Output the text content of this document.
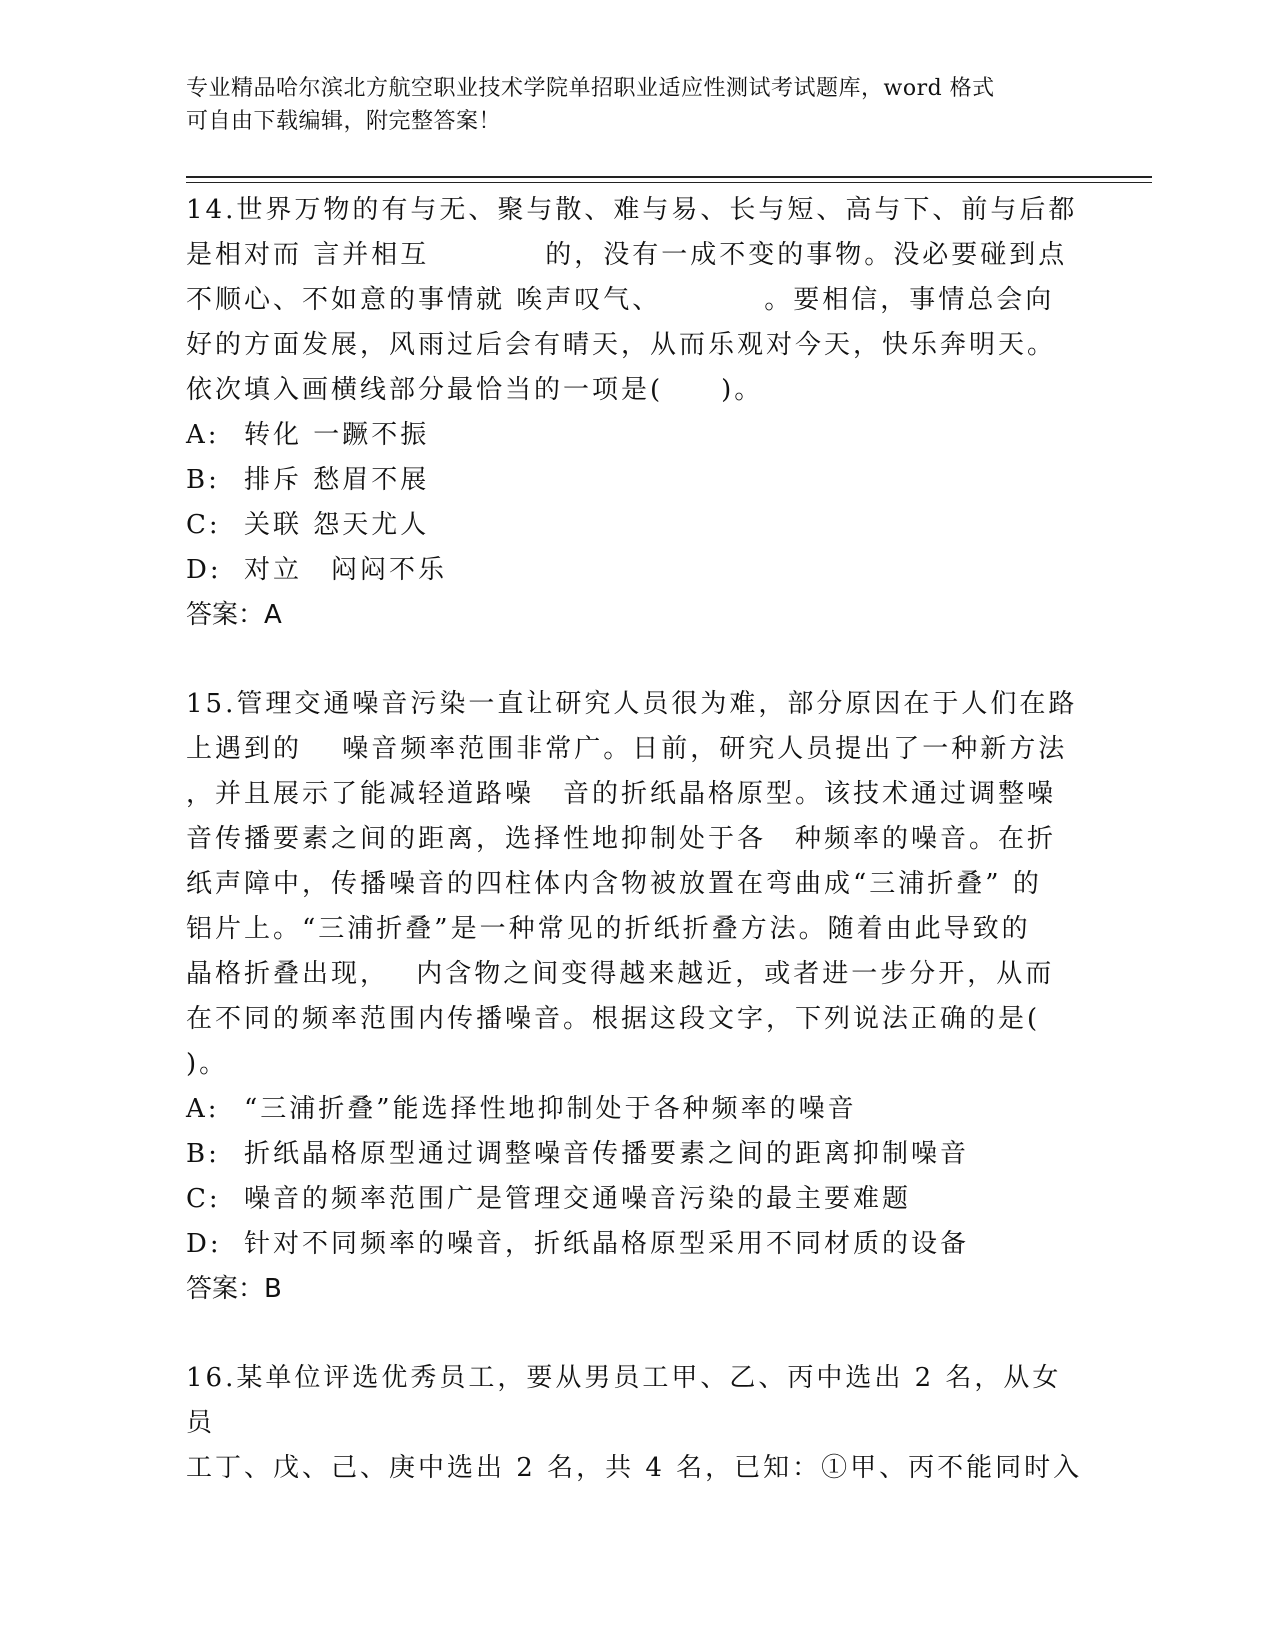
专业精品哈尔滨北方航空职业技术学院单招职业适应性测试考试题库，word 格式
可自由下载编辑，附完整答案！
14.世界万物的有与无、聚与散、难与易、长与短、高与下、前与后都
是相对而 言并相互　　　　的，没有一成不变的事物。没必要碰到点
不顺心、不如意的事情就 唉声叹气、　　　　。要相信，事情总会向
好的方面发展，风雨过后会有晴天，从而乐观对今天，快乐奔明天。
依次填入画横线部分最恰当的一项是(　　)。
A: 转化 一蹶不振
B: 排斥 愁眉不展
C: 关联 怨天尤人
D: 对立　闷闷不乐
答案：A
15.管理交通噪音污染一直让研究人员很为难，部分原因在于人们在路
上遇到的　 噪音频率范围非常广。日前，研究人员提出了一种新方法
，并且展示了能减轻道路噪　音的折纸晶格原型。该技术通过调整噪
音传播要素之间的距离，选择性地抑制处于各　种频率的噪音。在折
纸声障中，传播噪音的四柱体内含物被放置在弯曲成“三浦折叠” 的
铝片上。“三浦折叠”是一种常见的折纸折叠方法。随着由此导致的
晶格折叠出现，　 内含物之间变得越来越近，或者进一步分开，从而
在不同的频率范围内传播噪音。根据这段文字，下列说法正确的是(
)。
A: “三浦折叠”能选择性地抑制处于各种频率的噪音
B: 折纸晶格原型通过调整噪音传播要素之间的距离抑制噪音
C: 噪音的频率范围广是管理交通噪音污染的最主要难题
D: 针对不同频率的噪音，折纸晶格原型采用不同材质的设备
答案：B
16.某单位评选优秀员工，要从男员工甲、乙、丙中选出 2 名，从女员
工丁、戊、己、庚中选出 2 名，共 4 名，已知：①甲、丙不能同时入
